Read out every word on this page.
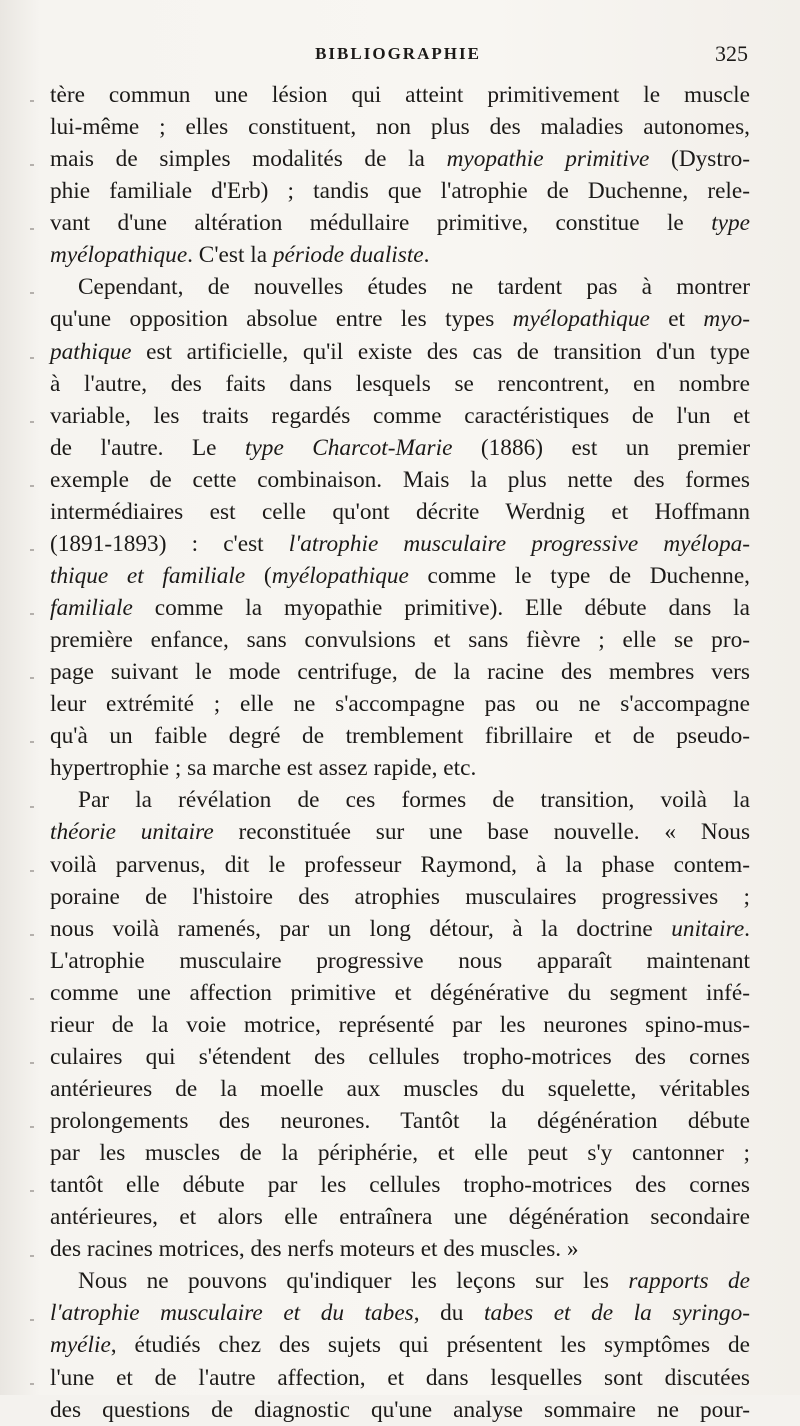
BIBLIOGRAPHIE	325
tère commun une lésion qui atteint primitivement le muscle
lui-même ; elles constituent, non plus des maladies autonomes,
mais de simples modalités de la myopathie primitive (Dystro-
phie familiale d'Erb) ; tandis que l'atrophie de Duchenne, rele-
vant d'une altération médullaire primitive, constitue le type
myélopathique. C'est la période dualiste.
Cependant, de nouvelles études ne tardent pas à montrer
qu'une opposition absolue entre les types myélopathique et myo-
pathique est artificielle, qu'il existe des cas de transition d'un type
à l'autre, des faits dans lesquels se rencontrent, en nombre
variable, les traits regardés comme caractéristiques de l'un et
de l'autre. Le type Charcot-Marie (1886) est un premier
exemple de cette combinaison. Mais la plus nette des formes
intermédiaires est celle qu'ont décrite Werdnig et Hoffmann
(1891-1893) : c'est l'atrophie musculaire progressive myélopa-
thique et familiale (myélopathique comme le type de Duchenne,
familiale comme la myopathie primitive). Elle débute dans la
première enfance, sans convulsions et sans fièvre ; elle se pro-
page suivant le mode centrifuge, de la racine des membres vers
leur extrémité ; elle ne s'accompagne pas ou ne s'accompagne
qu'à un faible degré de tremblement fibrillaire et de pseudo-
hypertrophie ; sa marche est assez rapide, etc.
Par la révélation de ces formes de transition, voilà la
théorie unitaire reconstituée sur une base nouvelle. « Nous
voilà parvenus, dit le professeur Raymond, à la phase contem-
poraine de l'histoire des atrophies musculaires progressives ;
nous voilà ramenés, par un long détour, à la doctrine unitaire.
L'atrophie musculaire progressive nous apparaît maintenant
comme une affection primitive et dégénérative du segment infé-
rieur de la voie motrice, représenté par les neurones spino-mus-
culaires qui s'étendent des cellules tropho-motrices des cornes
antérieures de la moelle aux muscles du squelette, véritables
prolongements des neurones. Tantôt la dégénération débute
par les muscles de la périphérie, et elle peut s'y cantonner ;
tantôt elle débute par les cellules tropho-motrices des cornes
antérieures, et alors elle entraînera une dégénération secondaire
des racines motrices, des nerfs moteurs et des muscles. »
Nous ne pouvons qu'indiquer les leçons sur les rapports de
l'atrophie musculaire et du tabes, du tabes et de la syringo-
myélie, étudiés chez des sujets qui présentent les symptômes de
l'une et de l'autre affection, et dans lesquelles sont discutées
des questions de diagnostic qu'une analyse sommaire ne pour-
